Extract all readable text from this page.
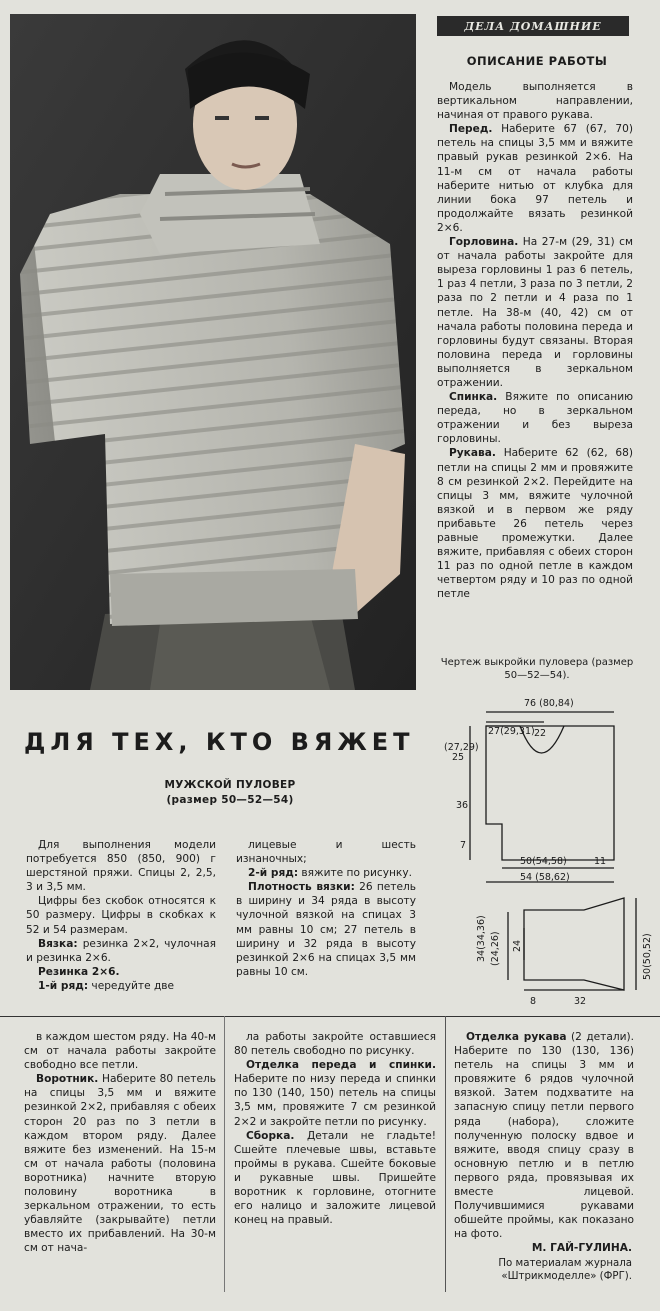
ДЕЛА ДОМАШНИЕ
ОПИСАНИЕ РАБОТЫ

Модель выполняется в вертикальном направлении, начиная от правого рукава.

Перед. Наберите 67 (67, 70) петель на спицы 3,5 мм и вяжите правый рукав резинкой 2×6. На 11-м см от начала работы наберите нитью от клубка для линии бока 97 петель и продолжайте вязать резинкой 2×6.

Горловина. На 27-м (29, 31) см от начала работы закройте для выреза горловины 1 раз 6 петель, 1 раз 4 петли, 3 раза по 3 петли, 2 раза по 2 петли и 4 раза по 1 петле. На 38-м (40, 42) см от начала работы половина переда и горловины будут связаны. Вторая половина переда и горловины выполняется в зеркальном отражении.

Спинка. Вяжите по описанию переда, но в зеркальном отражении и без выреза горловины.

Рукава. Наберите 62 (62, 68) петли на спицы 2 мм и провяжите 8 см резинкой 2×2. Перейдите на спицы 3 мм, вяжите чулочной вязкой и в первом же ряду прибавьте 26 петель через равные промежутки. Далее вяжите, прибавляя с обеих сторон 11 раз по одной петле в каждом четвертом ряду и 10 раз по одной петле

Чертеж выкройки пуловера (размер 50—52—54).
ДЛЯ ТЕХ, КТО ВЯЖЕТ
МУЖСКОЙ ПУЛОВЕР
(размер 50—52—54)

Для выполнения модели потребуется 850 (850, 900) г шерстяной пряжи. Спицы 2, 2,5, 3 и 3,5 мм.

Цифры без скобок относятся к 50 размеру. Цифры в скобках к 52 и 54 размерам.

Вязка: резинка 2×2, чулочная и резинка 2×6.

Резинка 2×6.

1-й ряд: чередуйте две

лицевые и шесть изнаночных;

2-й ряд: вяжите по рисунку.

Плотность вязки: 26 петель в ширину и 34 ряда в высоту чулочной вязкой на спицах 3 мм равны 10 см; 27 петель в ширину и 32 ряда в высоту резинкой 2×6 на спицах 3,5 мм равны 10 см.

76 (80,84)
27(29,31) 22
25
(27,29)
36
7
50(54,58)	11
54 (58,62)
34(34,36) (24,26) 24
8	32
50(50,52)

в каждом шестом ряду. На 40-м см от начала работы закройте свободно все петли.

Воротник. Наберите 80 петель на спицы 3,5 мм и вяжите резинкой 2×2, прибавляя с обеих сторон 20 раз по 3 петли в каждом втором ряду. Далее вяжите без изменений. На 15-м см от начала работы (половина воротника) начните вторую половину воротника в зеркальном отражении, то есть убавляйте (закрывайте) петли вместо их прибавлений. На 30-м см от нача-

ла работы закройте оставшиеся 80 петель свободно по рисунку.

Отделка переда и спинки. Наберите по низу переда и спинки по 130 (140, 150) петель на спицы 3,5 мм, провяжите 7 см резинкой 2×2 и закройте петли по рисунку.

Сборка. Детали не гладьте! Сшейте плечевые швы, вставьте проймы в рукава. Сшейте боковые и рукавные швы. Пришейте воротник к горловине, отогните его налицо и заложите лицевой конец на правый.

Отделка рукава (2 детали). Наберите по 130 (130, 136) петель на спицы 3 мм и провяжите 6 рядов чулочной вязкой. Затем подхватите на запасную спицу петли первого ряда (набора), сложите полученную полоску вдвое и вяжите, вводя спицу сразу в основную петлю и в петлю первого ряда, провязывая их вместе лицевой. Получившимися рукавами обшейте проймы, как показано на фото.

М. ГАЙ-ГУЛИНА.
По материалам журнала «Штрикмоделле» (ФРГ).
